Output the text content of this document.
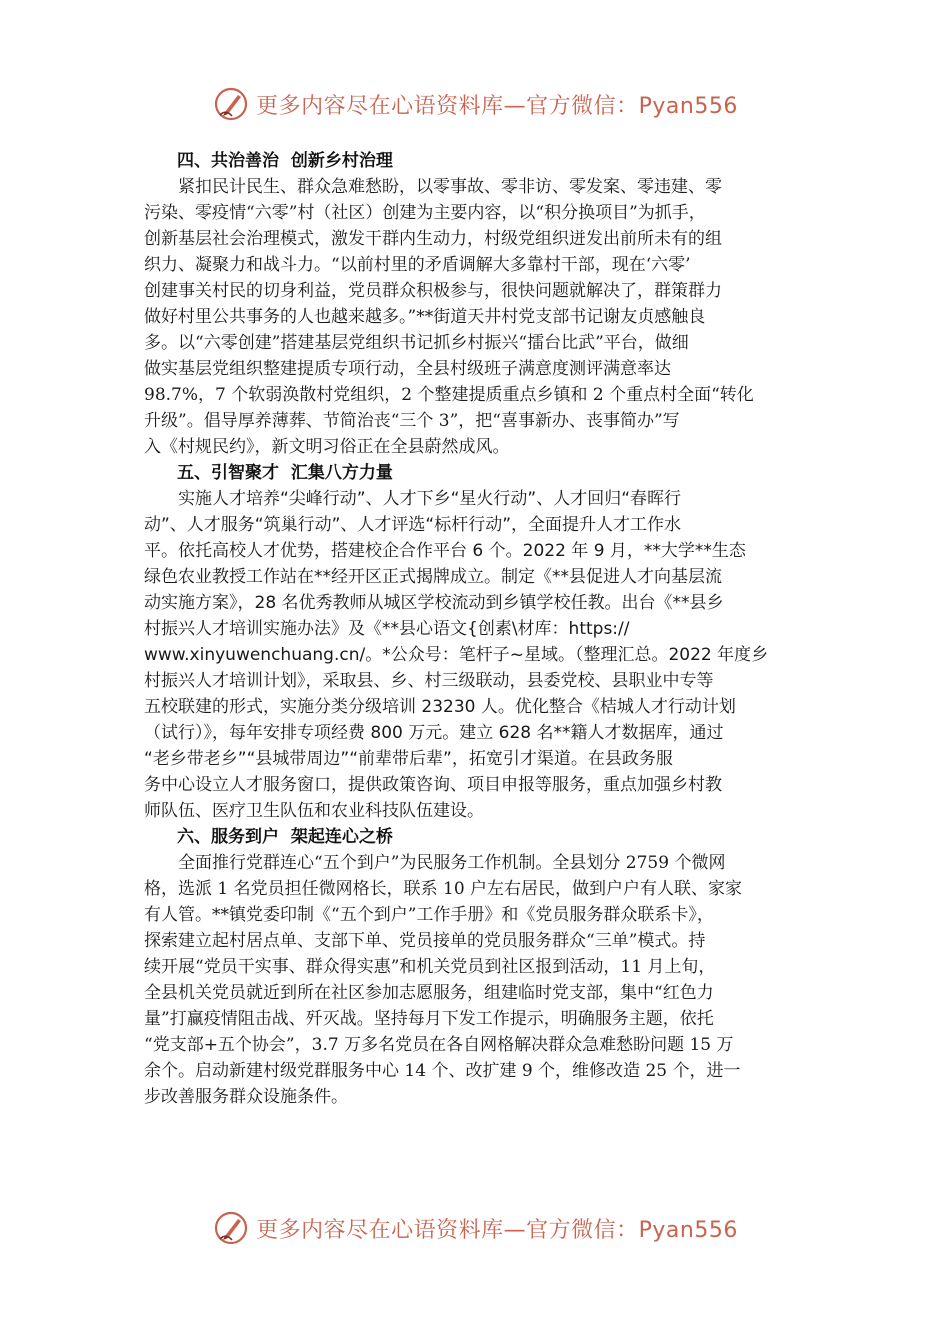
更多内容尽在心语资料库—官方微信：Pyan556
四、共治善治  创新乡村治理
紧扣民计民生、群众急难愁盼，以零事故、零非访、零发案、零违建、零
污染、零疫情“六零”村（社区）创建为主要内容，以“积分换项目”为抓手，
创新基层社会治理模式，激发干群内生动力，村级党组织迸发出前所未有的组
织力、凝聚力和战斗力。“以前村里的矛盾调解大多靠村干部，现在‘六零’
创建事关村民的切身利益，党员群众积极参与，很快问题就解决了，群策群力
做好村里公共事务的人也越来越多。”**街道天井村党支部书记谢友贞感触良
多。以“六零创建”搭建基层党组织书记抓乡村振兴“擂台比武”平台，做细
做实基层党组织整建提质专项行动，全县村级班子满意度测评满意率达
98.7%，7 个软弱涣散村党组织，2 个整建提质重点乡镇和 2 个重点村全面“转化
升级”。倡导厚养薄葬、节简治丧“三个 3”，把“喜事新办、丧事简办”写
入《村规民约》，新文明习俗正在全县蔚然成风。
五、引智聚才  汇集八方力量
实施人才培养“尖峰行动”、人才下乡“星火行动”、人才回归“春晖行
动”、人才服务“筑巢行动”、人才评选“标杆行动”，全面提升人才工作水
平。依托高校人才优势，搭建校企合作平台 6 个。2022 年 9 月，**大学**生态
绿色农业教授工作站在**经开区正式揭牌成立。制定《**县促进人才向基层流
动实施方案》，28 名优秀教师从城区学校流动到乡镇学校任教。出台《**县乡
村振兴人才培训实施办法》及《**县心语文{创素\材库：https://
www.xinyuwenchuang.cn/。*公众号：笔杆子~星域。（整理汇总。2022 年度乡
村振兴人才培训计划》，采取县、乡、村三级联动，县委党校、县职业中专等
五校联建的形式，实施分类分级培训 23230 人。优化整合《桔城人才行动计划
（试行）》，每年安排专项经费 800 万元。建立 628 名**籍人才数据库，通过
“老乡带老乡”“县城带周边”“前辈带后辈”，拓宽引才渠道。在县政务服
务中心设立人才服务窗口，提供政策咨询、项目申报等服务，重点加强乡村教
师队伍、医疗卫生队伍和农业科技队伍建设。
六、服务到户  架起连心之桥
全面推行党群连心“五个到户”为民服务工作机制。全县划分 2759 个微网
格，选派 1 名党员担任微网格长，联系 10 户左右居民，做到户户有人联、家家
有人管。**镇党委印制《“五个到户”工作手册》和《党员服务群众联系卡》，
探索建立起村居点单、支部下单、党员接单的党员服务群众“三单”模式。持
续开展“党员干实事、群众得实惠”和机关党员到社区报到活动，11 月上旬，
全县机关党员就近到所在社区参加志愿服务，组建临时党支部，集中“红色力
量”打赢疫情阻击战、歼灭战。坚持每月下发工作提示，明确服务主题，依托
“党支部+五个协会”，3.7 万多名党员在各自网格解决群众急难愁盼问题 15 万
余个。启动新建村级党群服务中心 14 个、改扩建 9 个，维修改造 25 个，进一
步改善服务群众设施条件。
更多内容尽在心语资料库—官方微信：Pyan556
